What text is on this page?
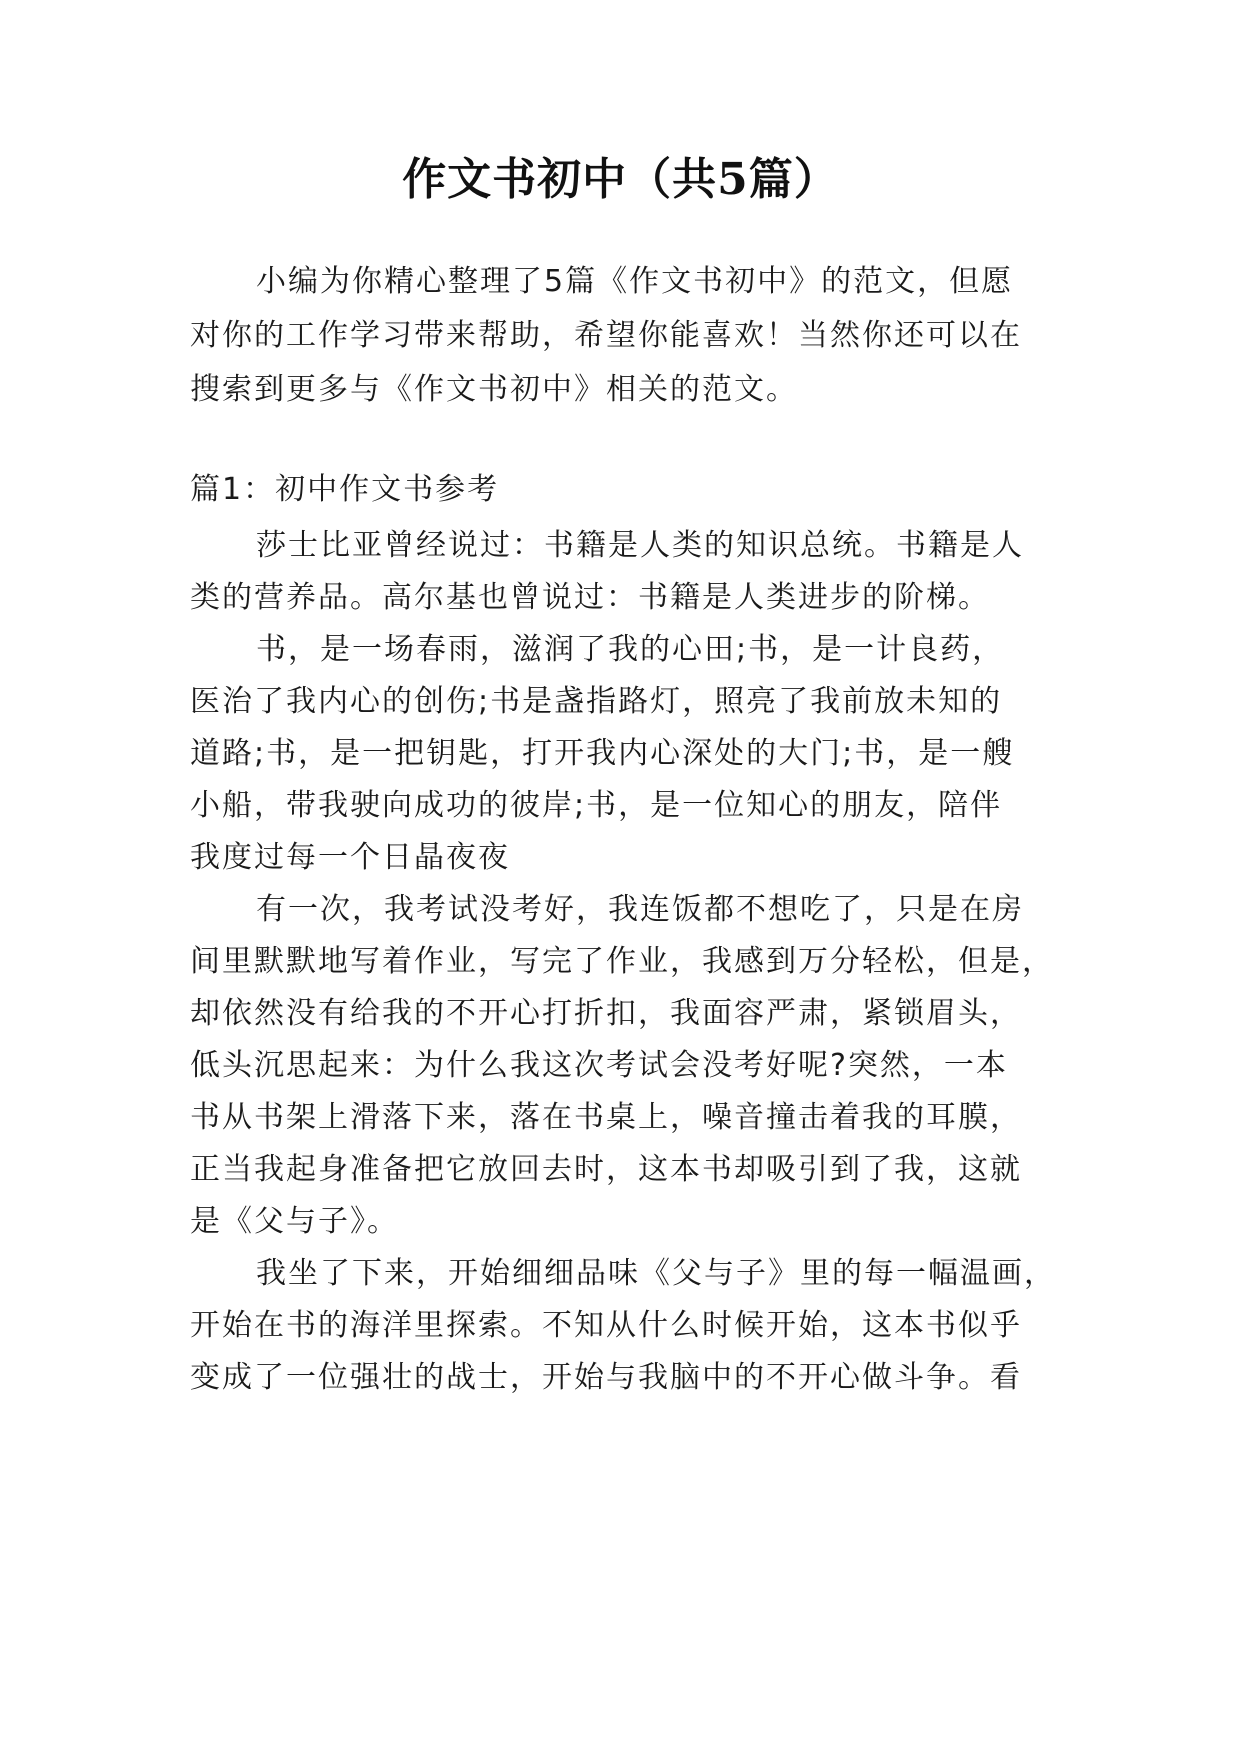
作文书初中（共5篇）
小编为你精心整理了5篇《作文书初中》的范文，但愿
对你的工作学习带来帮助，希望你能喜欢！当然你还可以在
搜索到更多与《作文书初中》相关的范文。
篇1：初中作文书参考
莎士比亚曾经说过：书籍是人类的知识总统。书籍是人
类的营养品。高尔基也曾说过：书籍是人类进步的阶梯。
书，是一场春雨，滋润了我的心田;书，是一计良药，
医治了我内心的创伤;书是盏指路灯，照亮了我前放未知的
道路;书，是一把钥匙，打开我内心深处的大门;书，是一艘
小船，带我驶向成功的彼岸;书，是一位知心的朋友，陪伴
我度过每一个日晶夜夜
有一次，我考试没考好，我连饭都不想吃了，只是在房
间里默默地写着作业，写完了作业，我感到万分轻松，但是，
却依然没有给我的不开心打折扣，我面容严肃，紧锁眉头，
低头沉思起来：为什么我这次考试会没考好呢?突然，一本
书从书架上滑落下来，落在书桌上，噪音撞击着我的耳膜，
正当我起身准备把它放回去时，这本书却吸引到了我，这就
是《父与子》。
我坐了下来，开始细细品味《父与子》里的每一幅温画，
开始在书的海洋里探索。不知从什么时候开始，这本书似乎
变成了一位强壮的战士，开始与我脑中的不开心做斗争。看
